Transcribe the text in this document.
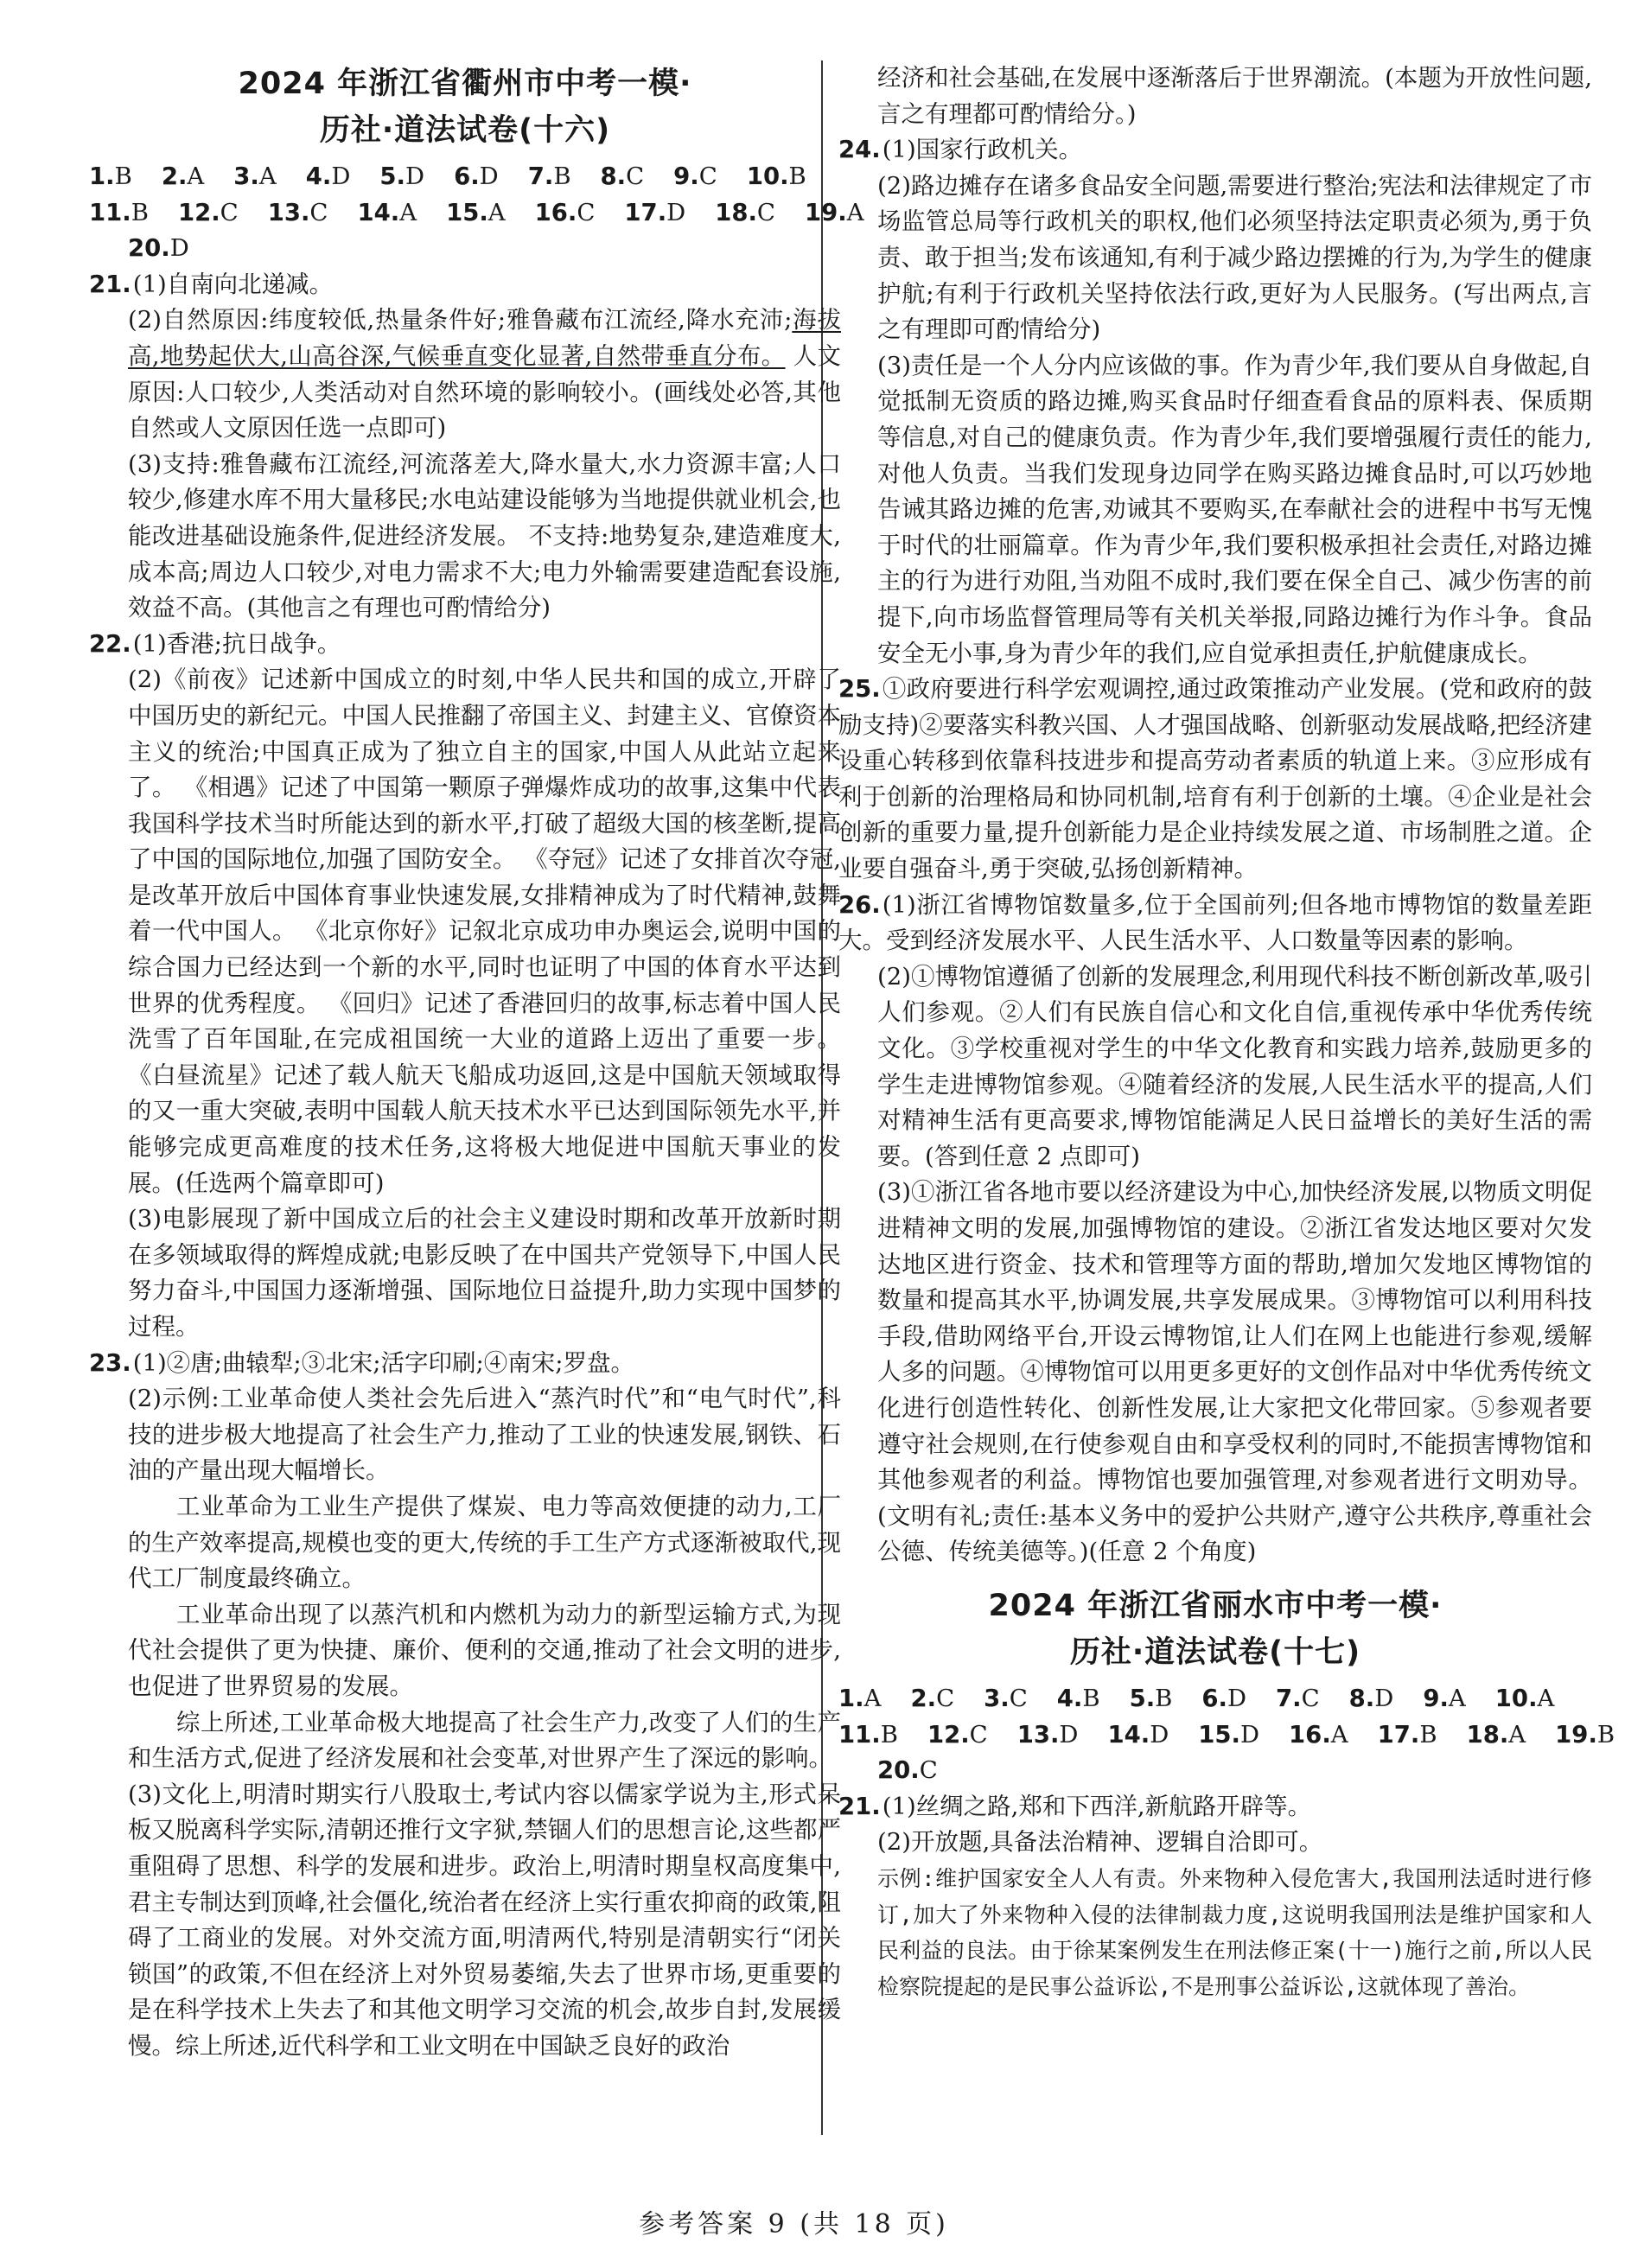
2024 年浙江省衢州市中考一模·
历社·道法试卷(十六)
1.B 2.A 3.A 4.D 5.D 6.D 7.B 8.C 9.C 10.B
11.B 12.C 13.C 14.A 15.A 16.C 17.D 18.C 19.A
20.D

21.(1)自南向北递减。

(2)自然原因:纬度较低,热量条件好;雅鲁藏布江流经,降水充沛;海拔高,地势起伏大,山高谷深,气候垂直变化显著,自然带垂直分布。 人文原因:人口较少,人类活动对自然环境的影响较小。(画线处必答,其他自然或人文原因任选一点即可)

(3)支持:雅鲁藏布江流经,河流落差大,降水量大,水力资源丰富;人口较少,修建水库不用大量移民;水电站建设能够为当地提供就业机会,也能改进基础设施条件,促进经济发展。 不支持:地势复杂,建造难度大,成本高;周边人口较少,对电力需求不大;电力外输需要建造配套设施,效益不高。(其他言之有理也可酌情给分)

22.(1)香港;抗日战争。

(2)《前夜》记述新中国成立的时刻,中华人民共和国的成立,开辟了中国历史的新纪元。中国人民推翻了帝国主义、封建主义、官僚资本主义的统治;中国真正成为了独立自主的国家,中国人从此站立起来了。 《相遇》记述了中国第一颗原子弹爆炸成功的故事,这集中代表我国科学技术当时所能达到的新水平,打破了超级大国的核垄断,提高了中国的国际地位,加强了国防安全。 《夺冠》记述了女排首次夺冠,是改革开放后中国体育事业快速发展,女排精神成为了时代精神,鼓舞着一代中国人。 《北京你好》记叙北京成功申办奥运会,说明中国的综合国力已经达到一个新的水平,同时也证明了中国的体育水平达到世界的优秀程度。 《回归》记述了香港回归的故事,标志着中国人民洗雪了百年国耻,在完成祖国统一大业的道路上迈出了重要一步。 《白昼流星》记述了载人航天飞船成功返回,这是中国航天领域取得的又一重大突破,表明中国载人航天技术水平已达到国际领先水平,并能够完成更高难度的技术任务,这将极大地促进中国航天事业的发展。(任选两个篇章即可)

(3)电影展现了新中国成立后的社会主义建设时期和改革开放新时期在多领域取得的辉煌成就;电影反映了在中国共产党领导下,中国人民努力奋斗,中国国力逐渐增强、国际地位日益提升,助力实现中国梦的过程。

23.(1)②唐;曲辕犁;③北宋;活字印刷;④南宋;罗盘。

(2)示例:工业革命使人类社会先后进入“蒸汽时代”和“电气时代”,科技的进步极大地提高了社会生产力,推动了工业的快速发展,钢铁、石油的产量出现大幅增长。

工业革命为工业生产提供了煤炭、电力等高效便捷的动力,工厂的生产效率提高,规模也变的更大,传统的手工生产方式逐渐被取代,现代工厂制度最终确立。

工业革命出现了以蒸汽机和内燃机为动力的新型运输方式,为现代社会提供了更为快捷、廉价、便利的交通,推动了社会文明的进步,也促进了世界贸易的发展。

综上所述,工业革命极大地提高了社会生产力,改变了人们的生产和生活方式,促进了经济发展和社会变革,对世界产生了深远的影响。

(3)文化上,明清时期实行八股取士,考试内容以儒家学说为主,形式呆板又脱离科学实际,清朝还推行文字狱,禁锢人们的思想言论,这些都严重阻碍了思想、科学的发展和进步。政治上,明清时期皇权高度集中,君主专制达到顶峰,社会僵化,统治者在经济上实行重农抑商的政策,阻碍了工商业的发展。对外交流方面,明清两代,特别是清朝实行“闭关锁国”的政策,不但在经济上对外贸易萎缩,失去了世界市场,更重要的是在科学技术上失去了和其他文明学习交流的机会,故步自封,发展缓慢。综上所述,近代科学和工业文明在中国缺乏良好的政治

经济和社会基础,在发展中逐渐落后于世界潮流。(本题为开放性问题,言之有理都可酌情给分。)

24.(1)国家行政机关。

(2)路边摊存在诸多食品安全问题,需要进行整治;宪法和法律规定了市场监管总局等行政机关的职权,他们必须坚持法定职责必须为,勇于负责、敢于担当;发布该通知,有利于减少路边摆摊的行为,为学生的健康护航;有利于行政机关坚持依法行政,更好为人民服务。(写出两点,言之有理即可酌情给分)

(3)责任是一个人分内应该做的事。作为青少年,我们要从自身做起,自觉抵制无资质的路边摊,购买食品时仔细查看食品的原料表、保质期等信息,对自己的健康负责。作为青少年,我们要增强履行责任的能力,对他人负责。当我们发现身边同学在购买路边摊食品时,可以巧妙地告诫其路边摊的危害,劝诫其不要购买,在奉献社会的进程中书写无愧于时代的壮丽篇章。作为青少年,我们要积极承担社会责任,对路边摊主的行为进行劝阻,当劝阻不成时,我们要在保全自己、减少伤害的前提下,向市场监督管理局等有关机关举报,同路边摊行为作斗争。食品安全无小事,身为青少年的我们,应自觉承担责任,护航健康成长。

25.①政府要进行科学宏观调控,通过政策推动产业发展。(党和政府的鼓励支持)②要落实科教兴国、人才强国战略、创新驱动发展战略,把经济建设重心转移到依靠科技进步和提高劳动者素质的轨道上来。③应形成有利于创新的治理格局和协同机制,培育有利于创新的土壤。④企业是社会创新的重要力量,提升创新能力是企业持续发展之道、市场制胜之道。企业要自强奋斗,勇于突破,弘扬创新精神。

26.(1)浙江省博物馆数量多,位于全国前列;但各地市博物馆的数量差距大。受到经济发展水平、人民生活水平、人口数量等因素的影响。

(2)①博物馆遵循了创新的发展理念,利用现代科技不断创新改革,吸引人们参观。②人们有民族自信心和文化自信,重视传承中华优秀传统文化。③学校重视对学生的中华文化教育和实践力培养,鼓励更多的学生走进博物馆参观。④随着经济的发展,人民生活水平的提高,人们对精神生活有更高要求,博物馆能满足人民日益增长的美好生活的需要。(答到任意 2 点即可)

(3)①浙江省各地市要以经济建设为中心,加快经济发展,以物质文明促进精神文明的发展,加强博物馆的建设。②浙江省发达地区要对欠发达地区进行资金、技术和管理等方面的帮助,增加欠发地区博物馆的数量和提高其水平,协调发展,共享发展成果。③博物馆可以利用科技手段,借助网络平台,开设云博物馆,让人们在网上也能进行参观,缓解人多的问题。④博物馆可以用更多更好的文创作品对中华优秀传统文化进行创造性转化、创新性发展,让大家把文化带回家。⑤参观者要遵守社会规则,在行使参观自由和享受权利的同时,不能损害博物馆和其他参观者的利益。博物馆也要加强管理,对参观者进行文明劝导。(文明有礼;责任:基本义务中的爱护公共财产,遵守公共秩序,尊重社会公德、传统美德等。)(任意 2 个角度)

2024 年浙江省丽水市中考一模·
历社·道法试卷(十七)
1.A 2.C 3.C 4.B 5.B 6.D 7.C 8.D 9.A 10.A
11.B 12.C 13.D 14.D 15.D 16.A 17.B 18.A 19.B
20.C

21.(1)丝绸之路,郑和下西洋,新航路开辟等。

(2)开放题,具备法治精神、逻辑自洽即可。

示例:维护国家安全人人有责。外来物种入侵危害大,我国刑法适时进行修订,加大了外来物种入侵的法律制裁力度,这说明我国刑法是维护国家和人民利益的良法。由于徐某案例发生在刑法修正案(十一)施行之前,所以人民检察院提起的是民事公益诉讼,不是刑事公益诉讼,这就体现了善治。

参考答案 9 (共 18 页)
